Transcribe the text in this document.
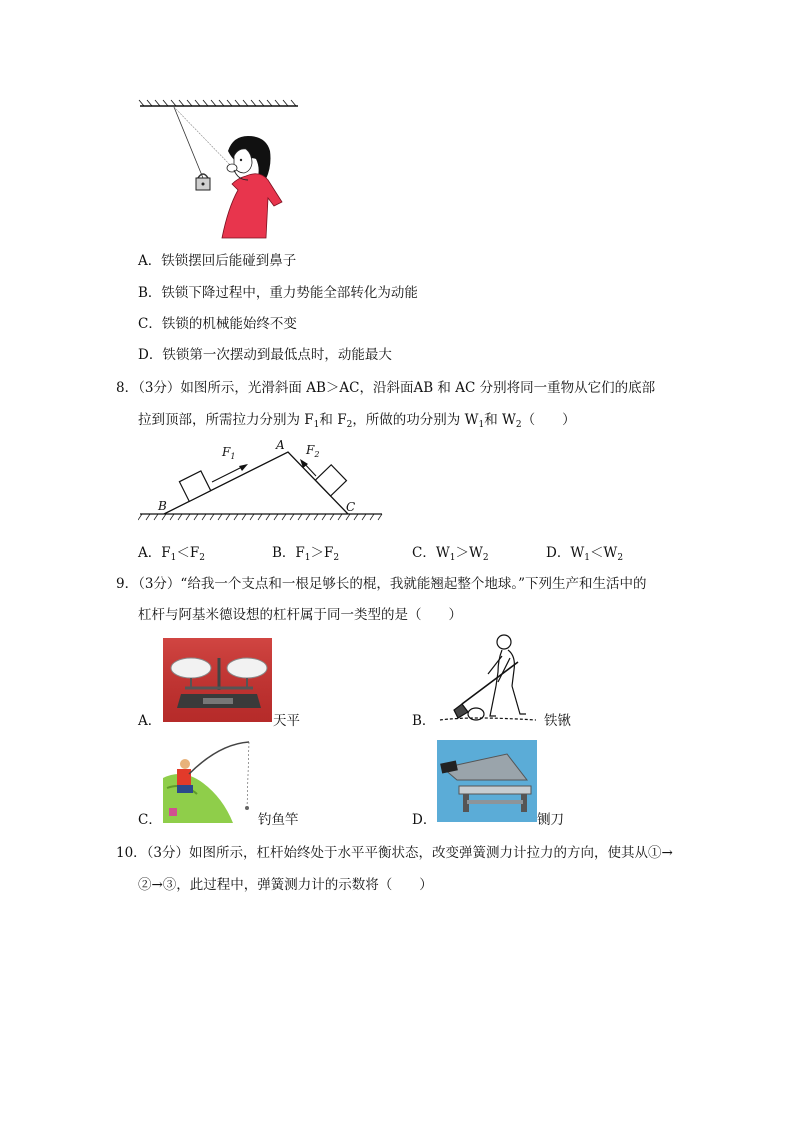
A．铁锁摆回后能碰到鼻子
B．铁锁下降过程中，重力势能全部转化为动能
C．铁锁的机械能始终不变
D．铁锁第一次摆动到最低点时，动能最大
8．（3分）如图所示，光滑斜面 AB＞AC，沿斜面AB 和 AC 分别将同一重物从它们的底部
拉到顶部，所需拉力分别为 $F_1$和 $F_2$，所做的功分别为 $W_1$和 $W_2$（　　）
$F_1$
A $F_2$
B	C
A．$F_1<F_2$	B．$F_1>F_2$	C．$W_1>W_2$	D．$W_1<W_2$
9．（3分）“给我一个支点和一根足够长的棍，我就能翘起整个地球。”下列生产和生活中的
杠杆与阿基米德设想的杠杆属于同一类型的是（　　）
A．	天平	B．	铁锹
C．	钓鱼竿	D．	铡刀
10．（3分）如图所示，杠杆始终处于水平平衡状态，改变弹簧测力计拉力的方向，使其从①→
②→③，此过程中，弹簧测力计的示数将（　　）
